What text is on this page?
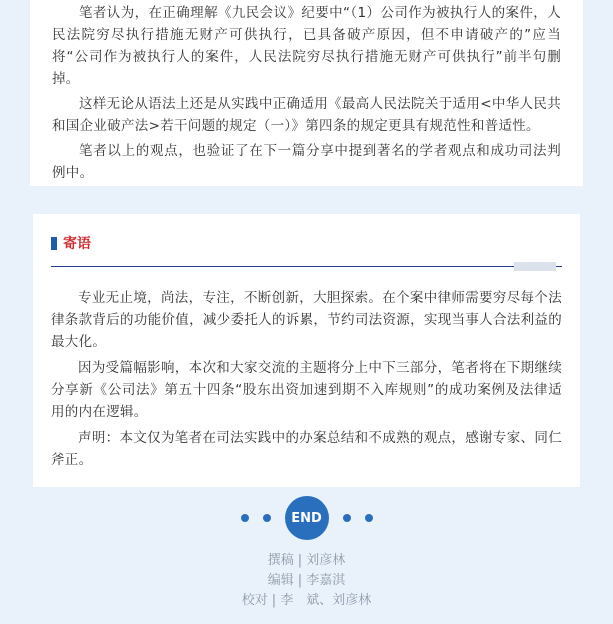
笔者认为，在正确理解《九民会议》纪要中“（1）公司作为被执行人的案件，人民法院穷尽执行措施无财产可供执行，已具备破产原因，但不申请破产的”应当将“公司作为被执行人的案件，人民法院穷尽执行措施无财产可供执行”前半句删掉。

这样无论从语法上还是从实践中正确适用《最高人民法院关于适用<中华人民共和国企业破产法>若干问题的规定（一）》第四条的规定更具有规范性和普适性。

笔者以上的观点，也验证了在下一篇分享中提到著名的学者观点和成功司法判例中。

寄语

专业无止境，尚法，专注，不断创新，大胆探索。在个案中律师需要穷尽每个法律条款背后的功能价值，减少委托人的诉累，节约司法资源，实现当事人合法利益的最大化。

因为受篇幅影响，本次和大家交流的主题将分上中下三部分，笔者将在下期继续分享新《公司法》第五十四条“股东出资加速到期不入库规则”的成功案例及法律适用的内在逻辑。

声明：本文仅为笔者在司法实践中的办案总结和不成熟的观点，感谢专家、同仁斧正。

END
撰稿 | 刘彦林
编辑 | 李嘉淇
校对 | 李　斌、刘彦林
